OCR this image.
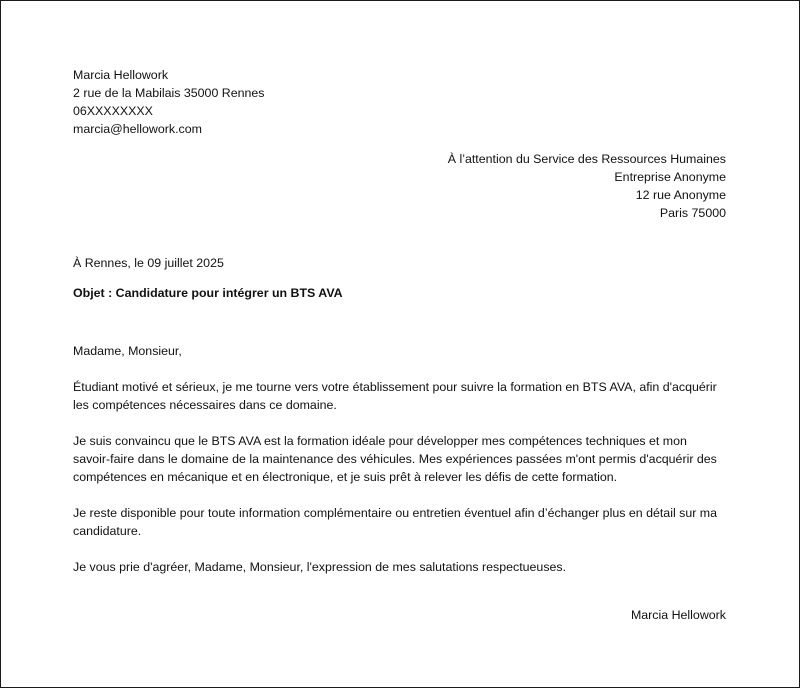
Marcia Hellowork
2 rue de la Mabilais 35000 Rennes
06XXXXXXXX
marcia@hellowork.com
À l’attention du Service des Ressources Humaines
Entreprise Anonyme
12 rue Anonyme
Paris 75000
À Rennes, le 09 juillet 2025
Objet : Candidature pour intégrer un BTS AVA

Madame, Monsieur,

Étudiant motivé et sérieux, je me tourne vers votre établissement pour suivre la formation en BTS AVA, afin d'acquérir les compétences nécessaires dans ce domaine.

Je suis convaincu que le BTS AVA est la formation idéale pour développer mes compétences techniques et mon savoir-faire dans le domaine de la maintenance des véhicules. Mes expériences passées m'ont permis d'acquérir des compétences en mécanique et en électronique, et je suis prêt à relever les défis de cette formation.

Je reste disponible pour toute information complémentaire ou entretien éventuel afin d’échanger plus en détail sur ma candidature.

Je vous prie d'agréer, Madame, Monsieur, l'expression de mes salutations respectueuses.

Marcia Hellowork
